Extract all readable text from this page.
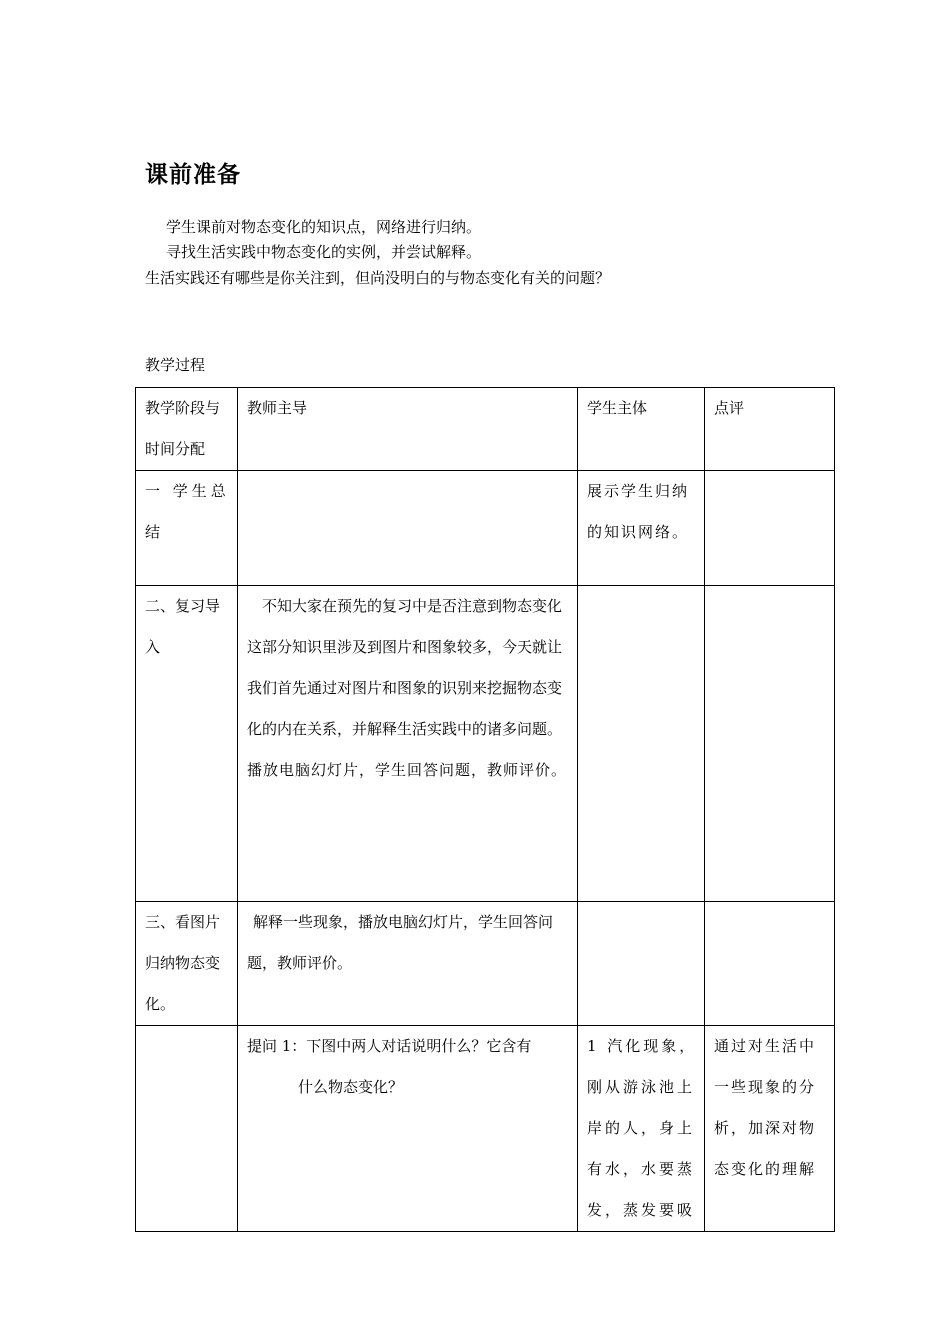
课前准备
学生课前对物态变化的知识点，网络进行归纳。
寻找生活实践中物态变化的实例，并尝试解释。
生活实践还有哪些是你关注到，但尚没明白的与物态变化有关的问题？
教学过程
教学阶段与时间分配	教师主导	学生主体	点评
一 学生总结		展示学生归纳的知识网络。	
二、复习导入	不知大家在预先的复习中是否注意到物态变化这部分知识里涉及到图片和图象较多，今天就让我们首先通过对图片和图象的识别来挖掘物态变化的内在关系，并解释生活实践中的诸多问题。
播放电脑幻灯片，学生回答问题，教师评价。		

三、看图片归纳物态变化。	解释一些现象，播放电脑幻灯片，学生回答问题，教师评价。		

	提问 1：下图中两人对话说明什么？它含有
什么物态变化？	1 汽化现象，刚从游泳池上岸的人，身上有水，水要蒸发，蒸发要吸	通过对生活中一些现象的分析，加深对物态变化的理解
